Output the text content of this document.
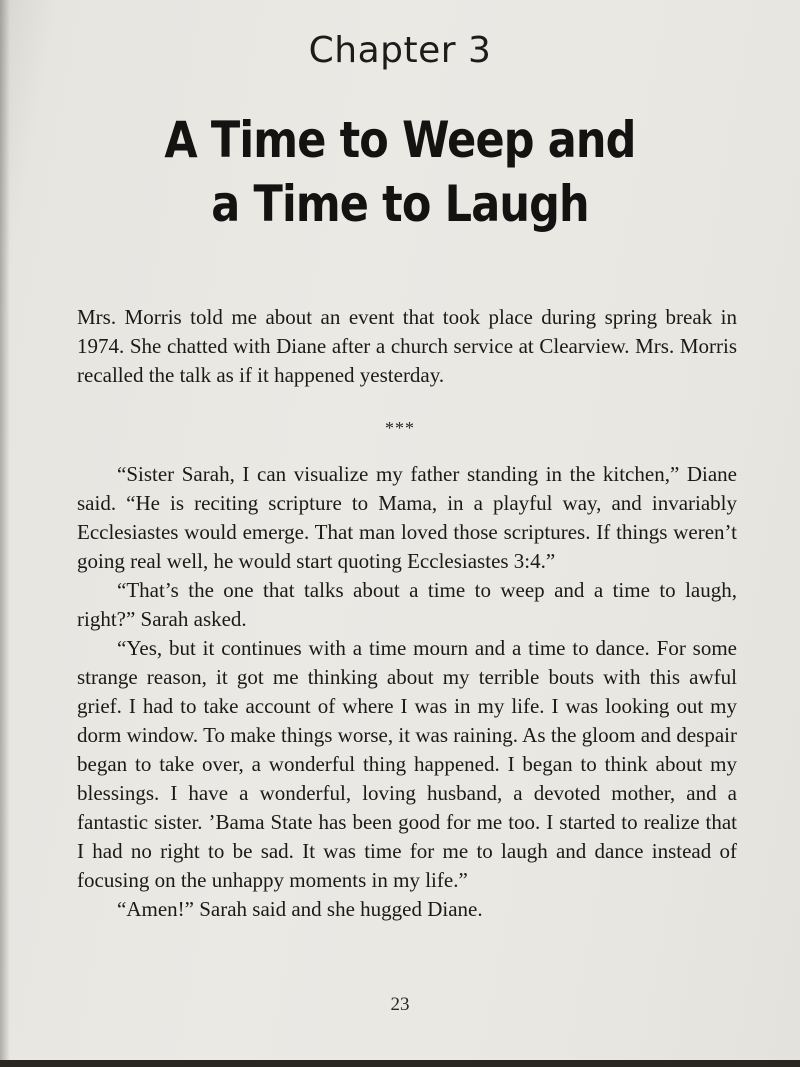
Chapter 3
A Time to Weep and
a Time to Laugh

Mrs. Morris told me about an event that took place during spring break in 1974. She chatted with Diane after a church service at Clearview. Mrs. Morris recalled the talk as if it happened yesterday.

***

“Sister Sarah, I can visualize my father standing in the kitchen,” Diane said. “He is reciting scripture to Mama, in a playful way, and invariably Ecclesiastes would emerge. That man loved those scriptures. If things weren’t going real well, he would start quoting Ecclesiastes 3:4.”

“That’s the one that talks about a time to weep and a time to laugh, right?” Sarah asked.

“Yes, but it continues with a time mourn and a time to dance. For some strange reason, it got me thinking about my terrible bouts with this awful grief. I had to take account of where I was in my life. I was looking out my dorm window. To make things worse, it was raining. As the gloom and despair began to take over, a wonderful thing happened. I began to think about my blessings. I have a wonderful, loving husband, a devoted mother, and a fantastic sister. ’Bama State has been good for me too. I started to realize that I had no right to be sad. It was time for me to laugh and dance instead of focusing on the unhappy moments in my life.”

“Amen!” Sarah said and she hugged Diane.

23
